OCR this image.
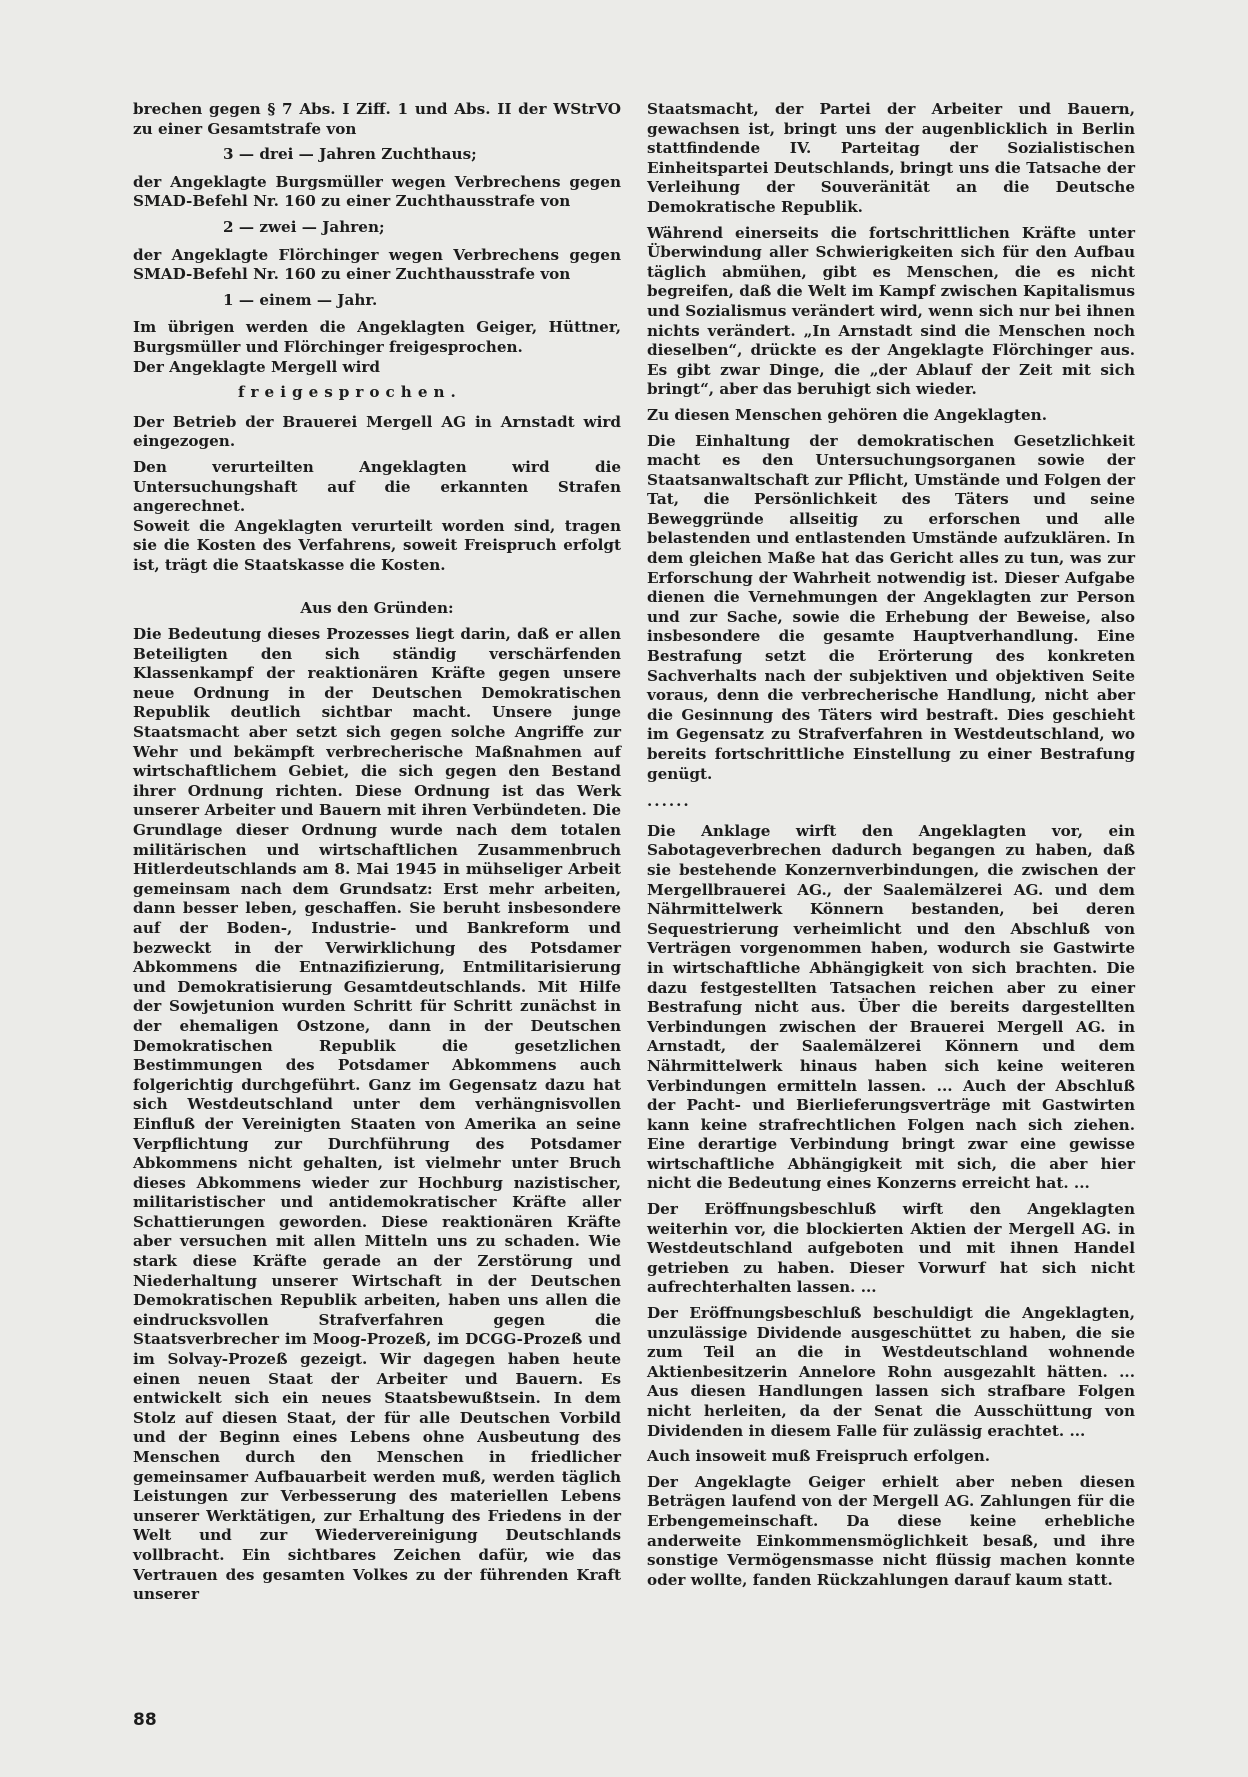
brechen gegen § 7 Abs. I Ziff. 1 und Abs. II der WStrVO zu einer Gesamtstrafe von

3 — drei — Jahren Zuchthaus;

der Angeklagte Burgsmüller wegen Verbrechens gegen SMAD-Befehl Nr. 160 zu einer Zuchthausstrafe von

2 — zwei — Jahren;

der Angeklagte Flörchinger wegen Verbrechens gegen SMAD-Befehl Nr. 160 zu einer Zuchthausstrafe von

1 — einem — Jahr.

Im übrigen werden die Angeklagten Geiger, Hüttner, Burgsmüller und Flörchinger freigesprochen.

Der Angeklagte Mergell wird

freigesprochen.

Der Betrieb der Brauerei Mergell AG in Arnstadt wird eingezogen.

Den verurteilten Angeklagten wird die Untersuchungshaft auf die erkannten Strafen angerechnet.

Soweit die Angeklagten verurteilt worden sind, tragen sie die Kosten des Verfahrens, soweit Freispruch erfolgt ist, trägt die Staatskasse die Kosten.

Aus den Gründen:

Die Bedeutung dieses Prozesses liegt darin, daß er allen Beteiligten den sich ständig verschärfenden Klassenkampf der reaktionären Kräfte gegen unsere neue Ordnung in der Deutschen Demokratischen Republik deutlich sichtbar macht. Unsere junge Staatsmacht aber setzt sich gegen solche Angriffe zur Wehr und bekämpft verbrecherische Maßnahmen auf wirtschaftlichem Gebiet, die sich gegen den Bestand ihrer Ordnung richten. Diese Ordnung ist das Werk unserer Arbeiter und Bauern mit ihren Verbündeten. Die Grundlage dieser Ordnung wurde nach dem totalen militärischen und wirtschaftlichen Zusammenbruch Hitlerdeutschlands am 8. Mai 1945 in mühseliger Arbeit gemeinsam nach dem Grundsatz: Erst mehr arbeiten, dann besser leben, geschaffen. Sie beruht insbesondere auf der Boden-, Industrie- und Bankreform und bezweckt in der Verwirklichung des Potsdamer Abkommens die Entnazifizierung, Entmilitarisierung und Demokratisierung Gesamtdeutschlands. Mit Hilfe der Sowjetunion wurden Schritt für Schritt zunächst in der ehemaligen Ostzone, dann in der Deutschen Demokratischen Republik die gesetzlichen Bestimmungen des Potsdamer Abkommens auch folgerichtig durchgeführt. Ganz im Gegensatz dazu hat sich Westdeutschland unter dem verhängnisvollen Einfluß der Vereinigten Staaten von Amerika an seine Verpflichtung zur Durchführung des Potsdamer Abkommens nicht gehalten, ist vielmehr unter Bruch dieses Abkommens wieder zur Hochburg nazistischer, militaristischer und antidemokratischer Kräfte aller Schattierungen geworden. Diese reaktionären Kräfte aber versuchen mit allen Mitteln uns zu schaden. Wie stark diese Kräfte gerade an der Zerstörung und Niederhaltung unserer Wirtschaft in der Deutschen Demokratischen Republik arbeiten, haben uns allen die eindrucksvollen Strafverfahren gegen die Staatsverbrecher im Moog-Prozeß, im DCGG-Prozeß und im Solvay-Prozeß gezeigt. Wir dagegen haben heute einen neuen Staat der Arbeiter und Bauern. Es entwickelt sich ein neues Staatsbewußtsein. In dem Stolz auf diesen Staat, der für alle Deutschen Vorbild und der Beginn eines Lebens ohne Ausbeutung des Menschen durch den Menschen in friedlicher gemeinsamer Aufbauarbeit werden muß, werden täglich Leistungen zur Verbesserung des materiellen Lebens unserer Werktätigen, zur Erhaltung des Friedens in der Welt und zur Wiedervereinigung Deutschlands vollbracht. Ein sichtbares Zeichen dafür, wie das Vertrauen des gesamten Volkes zu der führenden Kraft unserer

Staatsmacht, der Partei der Arbeiter und Bauern, gewachsen ist, bringt uns der augenblicklich in Berlin stattfindende IV. Parteitag der Sozialistischen Einheitspartei Deutschlands, bringt uns die Tatsache der Verleihung der Souveränität an die Deutsche Demokratische Republik.

Während einerseits die fortschrittlichen Kräfte unter Überwindung aller Schwierigkeiten sich für den Aufbau täglich abmühen, gibt es Menschen, die es nicht begreifen, daß die Welt im Kampf zwischen Kapitalismus und Sozialismus verändert wird, wenn sich nur bei ihnen nichts verändert. „In Arnstadt sind die Menschen noch dieselben“, drückte es der Angeklagte Flörchinger aus. Es gibt zwar Dinge, die „der Ablauf der Zeit mit sich bringt“, aber das beruhigt sich wieder.

Zu diesen Menschen gehören die Angeklagten.

Die Einhaltung der demokratischen Gesetzlichkeit macht es den Untersuchungsorganen sowie der Staatsanwaltschaft zur Pflicht, Umstände und Folgen der Tat, die Persönlichkeit des Täters und seine Beweggründe allseitig zu erforschen und alle belastenden und entlastenden Umstände aufzuklären. In dem gleichen Maße hat das Gericht alles zu tun, was zur Erforschung der Wahrheit notwendig ist. Dieser Aufgabe dienen die Vernehmungen der Angeklagten zur Person und zur Sache, sowie die Erhebung der Beweise, also insbesondere die gesamte Hauptverhandlung. Eine Bestrafung setzt die Erörterung des konkreten Sachverhalts nach der subjektiven und objektiven Seite voraus, denn die verbrecherische Handlung, nicht aber die Gesinnung des Täters wird bestraft. Dies geschieht im Gegensatz zu Strafverfahren in Westdeutschland, wo bereits fortschrittliche Einstellung zu einer Bestrafung genügt.

......

Die Anklage wirft den Angeklagten vor, ein Sabotageverbrechen dadurch begangen zu haben, daß sie bestehende Konzernverbindungen, die zwischen der Mergellbrauerei AG., der Saalemälzerei AG. und dem Nährmittelwerk Könnern bestanden, bei deren Sequestrierung verheimlicht und den Abschluß von Verträgen vorgenommen haben, wodurch sie Gastwirte in wirtschaftliche Abhängigkeit von sich brachten. Die dazu festgestellten Tatsachen reichen aber zu einer Bestrafung nicht aus. Über die bereits dargestellten Verbindungen zwischen der Brauerei Mergell AG. in Arnstadt, der Saalemälzerei Könnern und dem Nährmittelwerk hinaus haben sich keine weiteren Verbindungen ermitteln lassen. ... Auch der Abschluß der Pacht- und Bierlieferungsverträge mit Gastwirten kann keine strafrechtlichen Folgen nach sich ziehen. Eine derartige Verbindung bringt zwar eine gewisse wirtschaftliche Abhängigkeit mit sich, die aber hier nicht die Bedeutung eines Konzerns erreicht hat. ...

Der Eröffnungsbeschluß wirft den Angeklagten weiterhin vor, die blockierten Aktien der Mergell AG. in Westdeutschland aufgeboten und mit ihnen Handel getrieben zu haben. Dieser Vorwurf hat sich nicht aufrechterhalten lassen. ...

Der Eröffnungsbeschluß beschuldigt die Angeklagten, unzulässige Dividende ausgeschüttet zu haben, die sie zum Teil an die in Westdeutschland wohnende Aktienbesitzerin Annelore Rohn ausgezahlt hätten. ... Aus diesen Handlungen lassen sich strafbare Folgen nicht herleiten, da der Senat die Ausschüttung von Dividenden in diesem Falle für zulässig erachtet. ...

Auch insoweit muß Freispruch erfolgen.

Der Angeklagte Geiger erhielt aber neben diesen Beträgen laufend von der Mergell AG. Zahlungen für die Erbengemeinschaft. Da diese keine erhebliche anderweite Einkommensmöglichkeit besaß, und ihre sonstige Vermögensmasse nicht flüssig machen konnte oder wollte, fanden Rückzahlungen darauf kaum statt.

88
